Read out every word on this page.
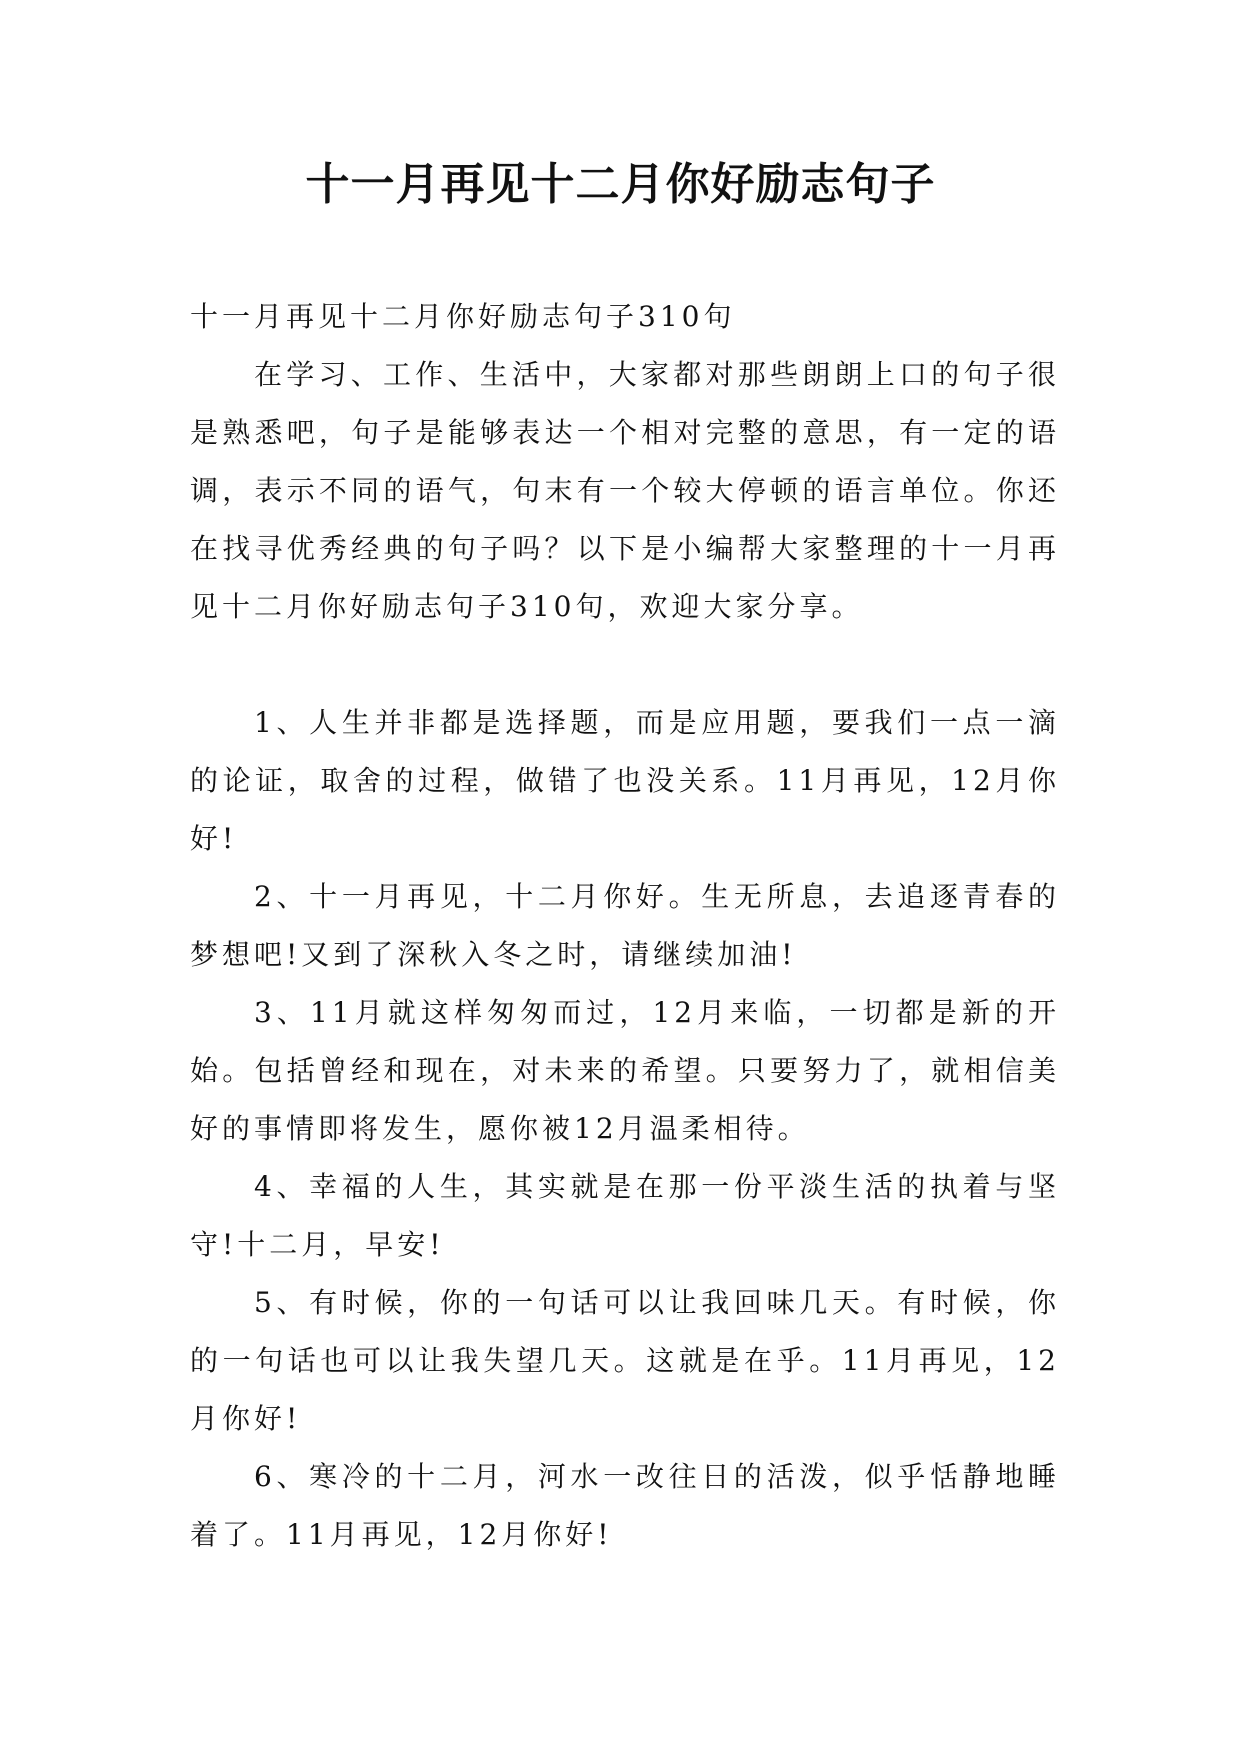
十一月再见十二月你好励志句子

十一月再见十二月你好励志句子310句

在学习、工作、生活中，大家都对那些朗朗上口的句子很是熟悉吧，句子是能够表达一个相对完整的意思，有一定的语调，表示不同的语气，句末有一个较大停顿的语言单位。你还在找寻优秀经典的句子吗？以下是小编帮大家整理的十一月再见十二月你好励志句子310句，欢迎大家分享。

1、人生并非都是选择题，而是应用题，要我们一点一滴的论证，取舍的过程，做错了也没关系。11月再见，12月你好!

2、十一月再见，十二月你好。生无所息，去追逐青春的梦想吧!又到了深秋入冬之时，请继续加油!

3、11月就这样匆匆而过，12月来临，一切都是新的开始。包括曾经和现在，对未来的希望。只要努力了，就相信美好的事情即将发生，愿你被12月温柔相待。

4、幸福的人生，其实就是在那一份平淡生活的执着与坚守!十二月，早安!

5、有时候，你的一句话可以让我回味几天。有时候，你的一句话也可以让我失望几天。这就是在乎。11月再见，12月你好!

6、寒冷的十二月，河水一改往日的活泼，似乎恬静地睡着了。11月再见，12月你好!
